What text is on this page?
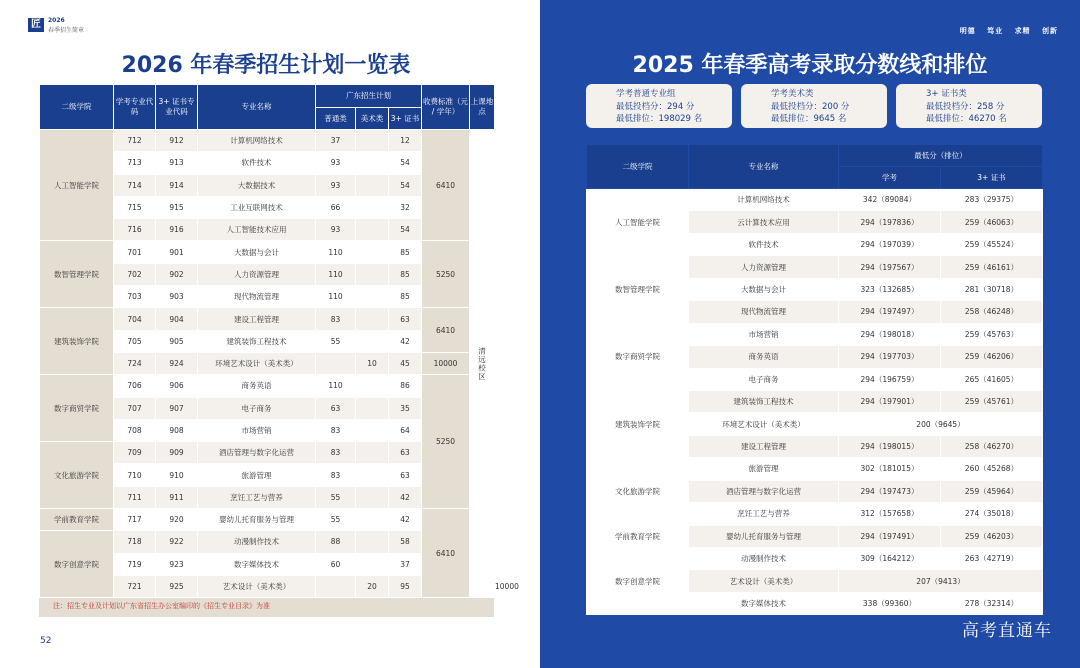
匠	2026
春季招生简章
2026 年春季招生计划一览表
注：招生专业及计划以广东省招生办公室编印的《招生专业目录》为准
52
二级学院	学考专业代码	3+ 证书专业代码	专业名称	广东招生计划			收费标准（元 / 学年）	上课地点	
				普通类	美术类	3+ 证书			
人工智能学院	712	912	计算机网络技术	37		12	6410	清远校区	
	713	913	软件技术	93		54			
	714	914	大数据技术	93		54			
	715	915	工业互联网技术	66		32			
	716	916	人工智能技术应用	93		54			
数智管理学院	701	901	大数据与会计	110		85	5250		
	702	902	人力资源管理	110		85			
	703	903	现代物流管理	110		85			
建筑装饰学院	704	904	建设工程管理	83		63	6410		
	705	905	建筑装饰工程技术	55		42			
	724	924	环境艺术设计（美术类）		10	45	10000		
数字商贸学院	706	906	商务英语	110		86	5250		
	707	907	电子商务	63		35			
	708	908	市场营销	83		64			
文化旅游学院	709	909	酒店管理与数字化运营	83		63			
	710	910	旅游管理	83		63			
	711	911	烹饪工艺与营养	55		42			
学前教育学院	717	920	婴幼儿托育服务与管理	55		42	6410		
数字创意学院	718	922	动漫制作技术	88		58			
	719	923	数字媒体技术	60		37			
	721	925	艺术设计（美术类）		20	95	
明德 笃业 求精 创新
2025 年春季高考录取分数线和排位
高考直通车
学考普通专业组
最低投档分：294 分
最低排位：198029 名
学考美术类
最低投档分：200 分
最低排位：9645 名
3+ 证书类
最低投档分：258 分
最低排位：46270 名
二级学院	专业名称	最低分（排位）	
		学考	3+ 证书
人工智能学院	计算机网络技术	342（89084）	283（29375）
	云计算技术应用	294（197836）	259（46063）
	软件技术	294（197039）	259（45524）
数智管理学院	人力资源管理	294（197567）	259（46161）
	大数据与会计	323（132685）	281（30718）
	现代物流管理	294（197497）	258（46248）
数字商贸学院	市场营销	294（198018）	259（45763）
	商务英语	294（197703）	259（46206）
	电子商务	294（196759）	265（41605）
建筑装饰学院	建筑装饰工程技术	294（197901）	259（45761）
	环境艺术设计（美术类）	200（9645）	
	建设工程管理	294（198015）	258（46270）
文化旅游学院	旅游管理	302（181015）	260（45268）
	酒店管理与数字化运营	294（197473）	259（45964）
	烹饪工艺与营养	312（157658）	274（35018）
学前教育学院	婴幼儿托育服务与管理	294（197491）	259（46203）
数字创意学院	动漫制作技术	309（164212）	263（42719）
	艺术设计（美术类）	207（9413）	
	数字媒体技术	338（99360）	278（32314）
